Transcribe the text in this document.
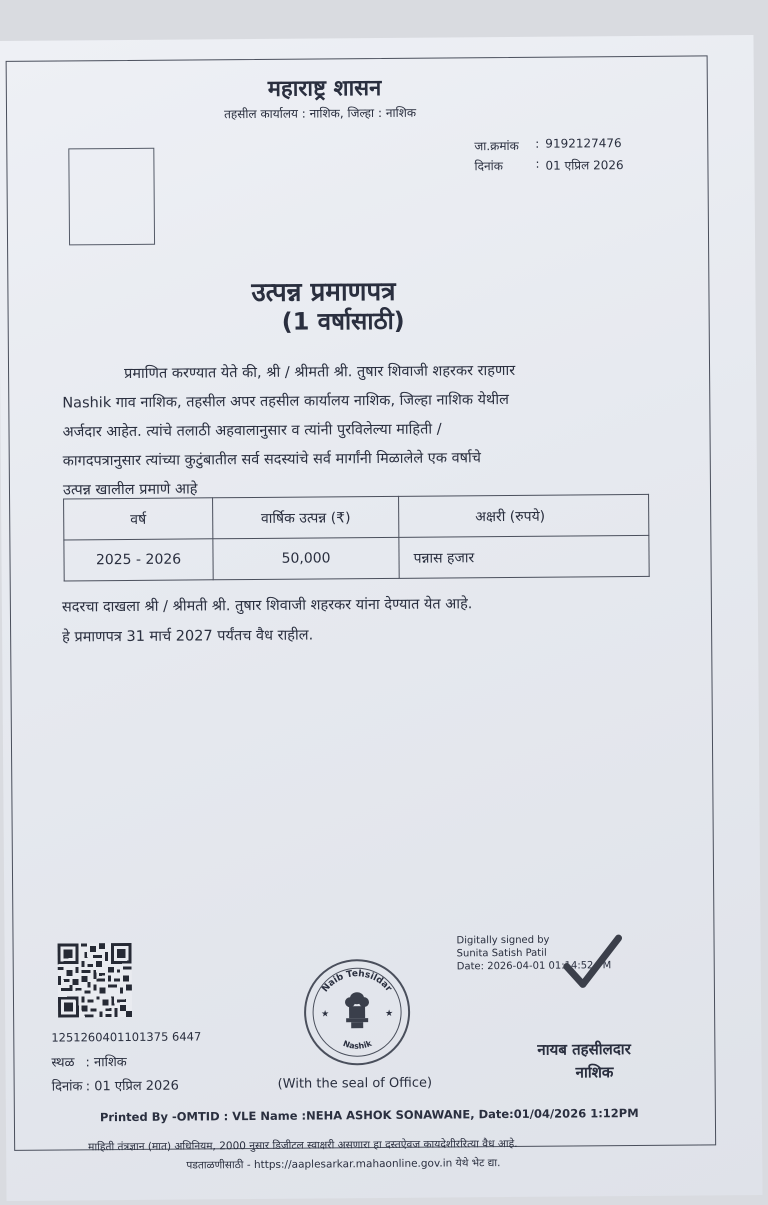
महाराष्ट्र शासन
तहसील कार्यालय : नाशिक, जिल्हा : नाशिक
जा.क्रमांक : 9192127476
दिनांक	: 01 एप्रिल 2026
उत्पन्न प्रमाणपत्र
(1 वर्षासाठी)
प्रमाणित करण्यात येते की, श्री / श्रीमती श्री. तुषार शिवाजी शहरकर राहणार
Nashik गाव नाशिक, तहसील अपर तहसील कार्यालय नाशिक, जिल्हा नाशिक येथील
अर्जदार आहेत. त्यांचे तलाठी अहवालानुसार व त्यांनी पुरविलेल्या माहिती /
कागदपत्रानुसार त्यांच्या कुटुंबातील सर्व सदस्यांचे सर्व मार्गांनी मिळालेले एक वर्षाचे
उत्पन्न खालील प्रमाणे आहे
वर्ष	वार्षिक उत्पन्न (₹)	अक्षरी (रुपये)
2025 - 2026	50,000	पन्नास हजार
सदरचा दाखला श्री / श्रीमती श्री. तुषार शिवाजी शहरकर यांना देण्यात येत आहे.
हे प्रमाणपत्र 31 मार्च 2027 पर्यंतच वैध राहील.
1251260401101375 6447
स्थळ : नाशिक
दिनांक : 01 एप्रिल 2026
Naib Tehsildar
Nashik
★	★
(With the seal of Office)
Digitally signed by
Sunita Satish Patil
Date: 2026-04-01 01:14:52 PM
नायब तहसीलदार
नाशिक
Printed By -OMTID : VLE Name :NEHA ASHOK SONAWANE, Date:01/04/2026 1:12PM
माहिती तंत्रज्ञान (मात) अधिनियम, 2000 नुसार डिजीटल स्वाक्षरी असणारा हा दस्तऐवज कायदेशीररित्या वैध आहे.
पडताळणीसाठी - https://aaplesarkar.mahaonline.gov.in येथे भेट द्या.
